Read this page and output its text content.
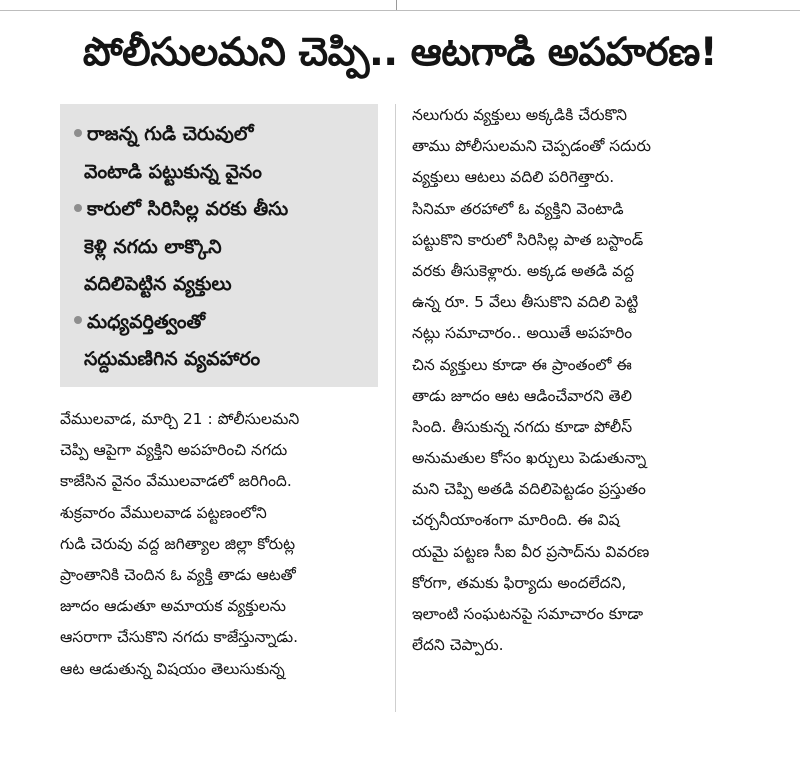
పోలీసులమని చెప్పి.. ఆటగాడి అపహరణ!
రాజన్న గుడి చెరువులో
వెంటాడి పట్టుకున్న వైనం
కారులో సిరిసిల్ల వరకు తీసు
కెళ్లి నగదు లాక్కొని
వదిలిపెట్టిన వ్యక్తులు
మధ్యవర్తిత్వంతో
సద్దుమణిగిన వ్యవహారం
వేములవాడ, మార్చి 21 : పోలీసులమని
చెప్పి ఆపైగా వ్యక్తిని అపహరించి నగదు
కాజేసిన వైనం వేములవాడలో జరిగింది.
శుక్రవారం వేములవాడ పట్టణంలోని
గుడి చెరువు వద్ద జగిత్యాల జిల్లా కోరుట్ల
ప్రాంతానికి చెందిన ఓ వ్యక్తి తాడు ఆటతో
జూదం ఆడుతూ అమాయక వ్యక్తులను
ఆసరాగా చేసుకొని నగదు కాజేస్తున్నాడు.
ఆట ఆడుతున్న విషయం తెలుసుకున్న
నలుగురు వ్యక్తులు అక్కడికి చేరుకొని
తాము పోలీసులమని చెప్పడంతో సదురు
వ్యక్తులు ఆటలు వదిలి పరిగెత్తారు.
సినిమా తరహాలో ఓ వ్యక్తిని వెంటాడి
పట్టుకొని కారులో సిరిసిల్ల పాత బస్టాండ్
వరకు తీసుకెళ్లారు. అక్కడ అతడి వద్ద
ఉన్న రూ. 5 వేలు తీసుకొని వదిలి పెట్టి
నట్లు సమాచారం.. అయితే అపహరిం
చిన వ్యక్తులు కూడా ఈ ప్రాంతంలో ఈ
తాడు జూదం ఆట ఆడించేవారని తెలి
సింది. తీసుకున్న నగదు కూడా పోలీస్
అనుమతుల కోసం ఖర్చులు పెడుతున్నా
మని చెప్పి అతడి వదిలిపెట్టడం ప్రస్తుతం
చర్చనీయాంశంగా మారింది. ఈ విష
యమై పట్టణ సీఐ వీర ప్రసాద్‌ను వివరణ
కోరగా, తమకు ఫిర్యాదు అందలేదని,
ఇలాంటి సంఘటనపై సమాచారం కూడా
లేదని చెప్పారు.
